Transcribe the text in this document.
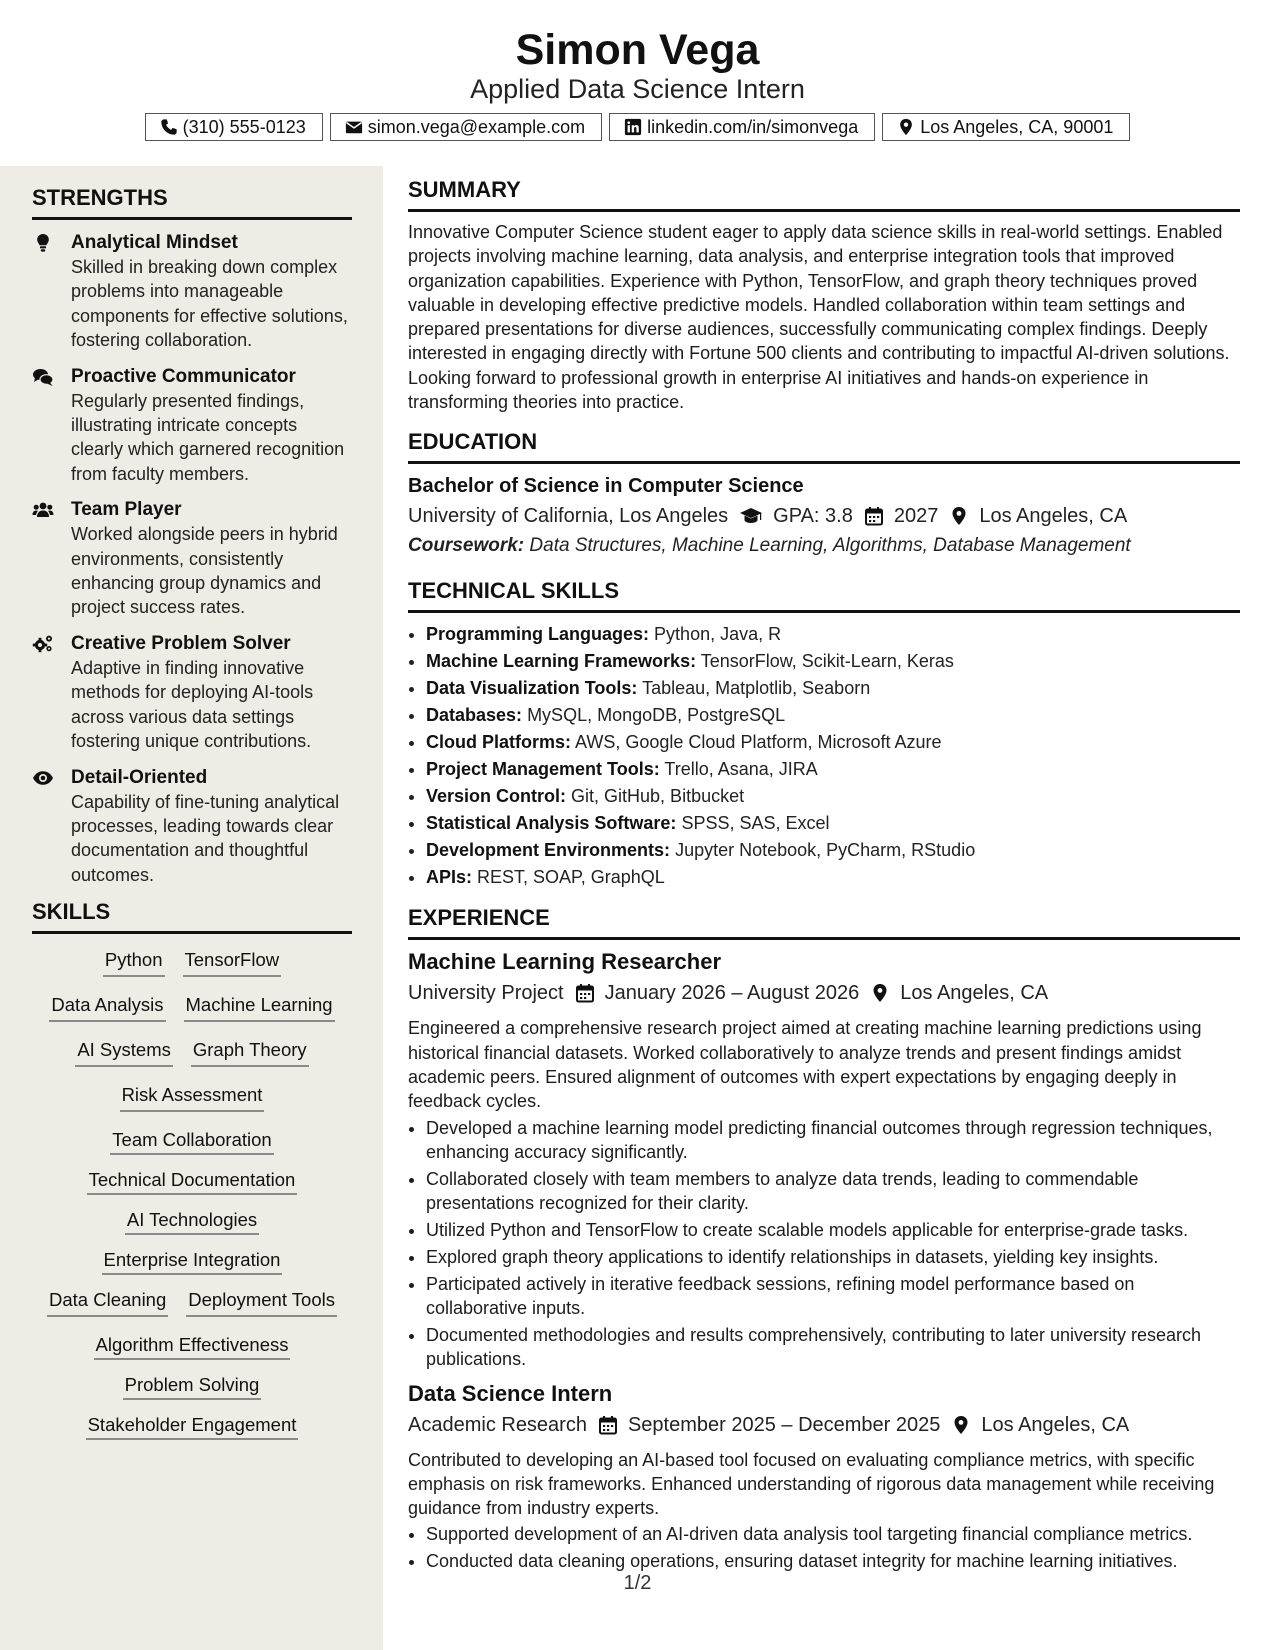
Simon Vega
Applied Data Science Intern
(310) 555-0123	simon.vega@example.com	linkedin.com/in/simonvega	Los Angeles, CA, 90001
STRENGTHS
Analytical Mindset
Skilled in breaking down complex problems into manageable components for effective solutions, fostering collaboration.
Proactive Communicator
Regularly presented findings, illustrating intricate concepts clearly which garnered recognition from faculty members.
Team Player
Worked alongside peers in hybrid environments, consistently enhancing group dynamics and project success rates.
Creative Problem Solver
Adaptive in finding innovative methods for deploying AI-tools across various data settings fostering unique contributions.
Detail-Oriented
Capability of fine-tuning analytical processes, leading towards clear documentation and thoughtful outcomes.
SKILLS
Python TensorFlow
Data Analysis Machine Learning
AI Systems Graph Theory
Risk Assessment
Team Collaboration
Technical Documentation
AI Technologies
Enterprise Integration
Data Cleaning Deployment Tools
Algorithm Effectiveness
Problem Solving
Stakeholder Engagement
SUMMARY
Innovative Computer Science student eager to apply data science skills in real-world settings. Enabled projects involving machine learning, data analysis, and enterprise integration tools that improved organization capabilities. Experience with Python, TensorFlow, and graph theory techniques proved valuable in developing effective predictive models. Handled collaboration within team settings and prepared presentations for diverse audiences, successfully communicating complex findings. Deeply interested in engaging directly with Fortune 500 clients and contributing to impactful AI-driven solutions. Looking forward to professional growth in enterprise AI initiatives and hands-on experience in transforming theories into practice.
EDUCATION
Bachelor of Science in Computer Science
University of California, Los Angeles GPA: 3.8 2027 Los Angeles, CA
Coursework: Data Structures, Machine Learning, Algorithms, Database Management
TECHNICAL SKILLS
• Programming Languages: Python, Java, R
• Machine Learning Frameworks: TensorFlow, Scikit-Learn, Keras
• Data Visualization Tools: Tableau, Matplotlib, Seaborn
• Databases: MySQL, MongoDB, PostgreSQL
• Cloud Platforms: AWS, Google Cloud Platform, Microsoft Azure
• Project Management Tools: Trello, Asana, JIRA
• Version Control: Git, GitHub, Bitbucket
• Statistical Analysis Software: SPSS, SAS, Excel
• Development Environments: Jupyter Notebook, PyCharm, RStudio
• APIs: REST, SOAP, GraphQL
EXPERIENCE
Machine Learning Researcher
University Project January 2026 – August 2026 Los Angeles, CA
Engineered a comprehensive research project aimed at creating machine learning predictions using historical financial datasets. Worked collaboratively to analyze trends and present findings amidst academic peers. Ensured alignment of outcomes with expert expectations by engaging deeply in feedback cycles.
• Developed a machine learning model predicting financial outcomes through regression techniques, enhancing accuracy significantly.
• Collaborated closely with team members to analyze data trends, leading to commendable presentations recognized for their clarity.
• Utilized Python and TensorFlow to create scalable models applicable for enterprise-grade tasks.
• Explored graph theory applications to identify relationships in datasets, yielding key insights.
• Participated actively in iterative feedback sessions, refining model performance based on collaborative inputs.
• Documented methodologies and results comprehensively, contributing to later university research publications.
Data Science Intern
Academic Research September 2025 – December 2025 Los Angeles, CA
Contributed to developing an AI-based tool focused on evaluating compliance metrics, with specific emphasis on risk frameworks. Enhanced understanding of rigorous data management while receiving guidance from industry experts.
• Supported development of an AI-driven data analysis tool targeting financial compliance metrics.
• Conducted data cleaning operations, ensuring dataset integrity for machine learning initiatives.
1/2
